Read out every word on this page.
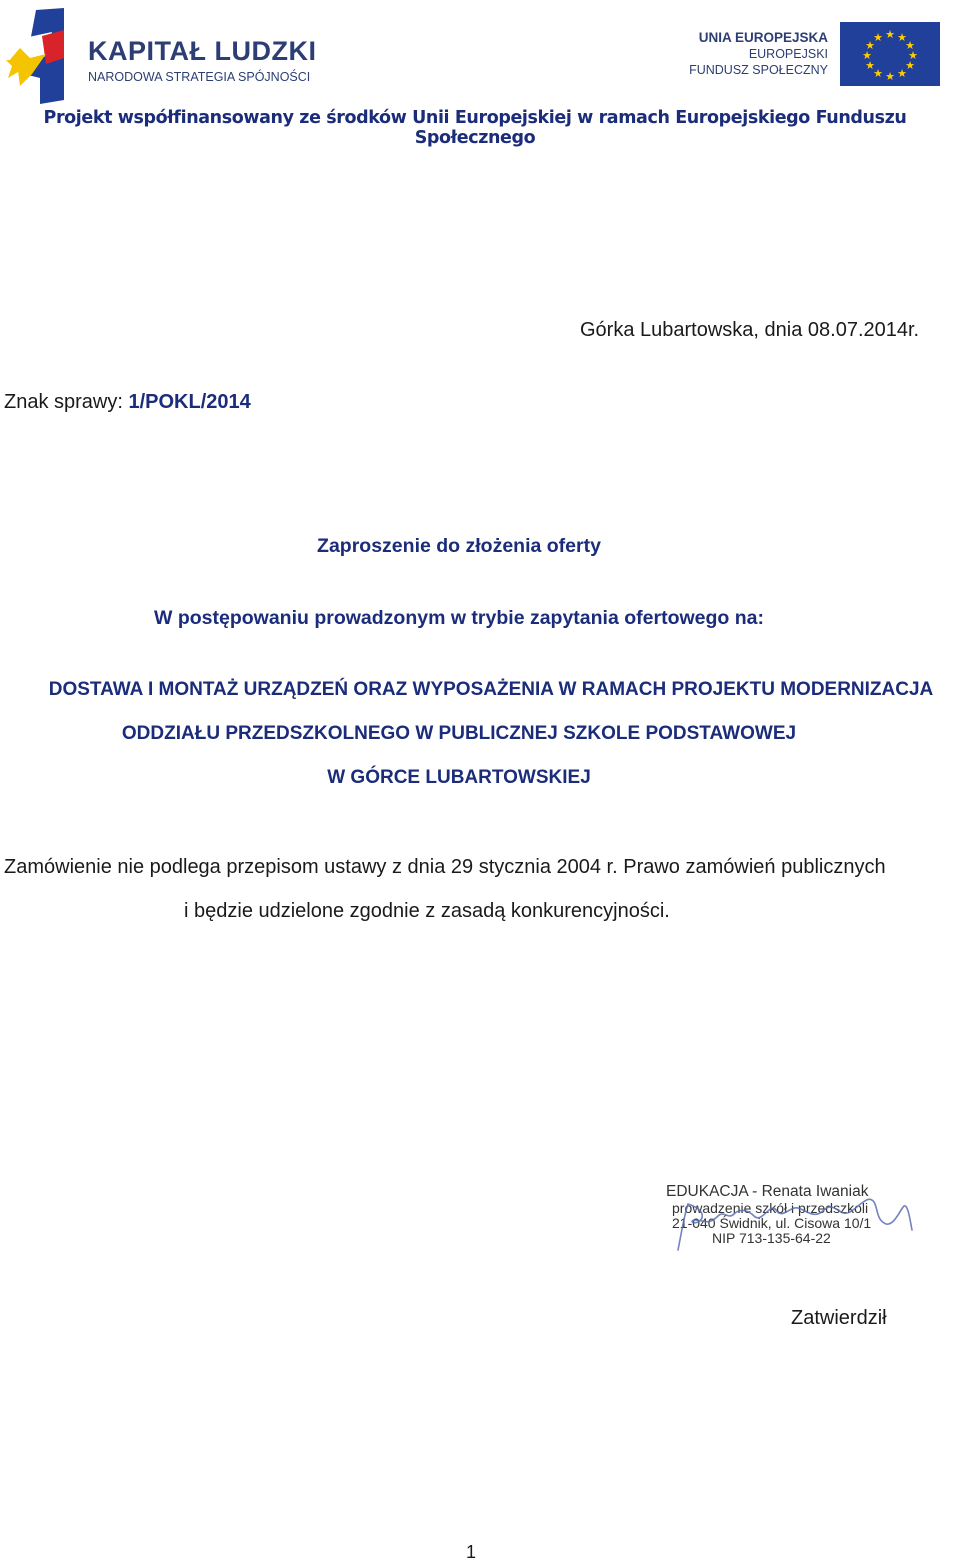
KAPITAŁ LUDZKI
NARODOWA STRATEGIA SPÓJNOŚCI
UNIA EUROPEJSKA
EUROPEJSKI
FUNDUSZ SPOŁECZNY
★ ★
★
★
★
★
★
★
★
★
★
★
Projekt współfinansowany ze środków Unii Europejskiej w ramach Europejskiego Funduszu Społecznego
Górka Lubartowska, dnia 08.07.2014r.
Znak sprawy: 1/POKL/2014
Zaproszenie do złożenia oferty
W postępowaniu prowadzonym w trybie zapytania ofertowego na:
DOSTAWA I MONTAŻ URZĄDZEŃ ORAZ WYPOSAŻENIA W RAMACH PROJEKTU MODERNIZACJA
ODDZIAŁU PRZEDSZKOLNEGO W PUBLICZNEJ SZKOLE PODSTAWOWEJ
W GÓRCE LUBARTOWSKIEJ
Zamówienie nie podlega przepisom ustawy z dnia 29 stycznia 2004 r. Prawo zamówień publicznych
i będzie udzielone zgodnie z zasadą konkurencyjności.
EDUKACJA - Renata Iwaniak
prowadzenie szkół i przedszkoli
21-040 Świdnik, ul. Cisowa 10/1
NIP 713-135-64-22
Zatwierdził
1
